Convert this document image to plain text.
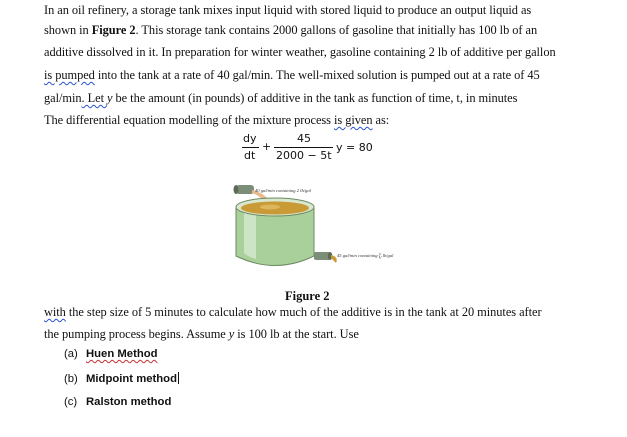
In an oil refinery, a storage tank mixes input liquid with stored liquid to produce an output liquid as
shown in Figure 2. This storage tank contains 2000 gallons of gasoline that initially has 100 lb of an
additive dissolved in it. In preparation for winter weather, gasoline containing 2 lb of additive per gallon
is pumped into the tank at a rate of 40 gal/min. The well-mixed solution is pumped out at a rate of 45
gal/min. Let y be the amount (in pounds) of additive in the tank as function of time, t, in minutes
The differential equation modelling of the mixture process is given as:
dy
dt
+
45
2000 − 5t
y = 80
40 gal/min containing 2 lb/gal
45 gal/min containing y
V lb/gal
Figure 2
with the step size of 5 minutes to calculate how much of the additive is in the tank at 20 minutes after
the pumping process begins. Assume y is 100 lb at the start. Use
(a) Huen Method
(b) Midpoint method
(c) Ralston method
